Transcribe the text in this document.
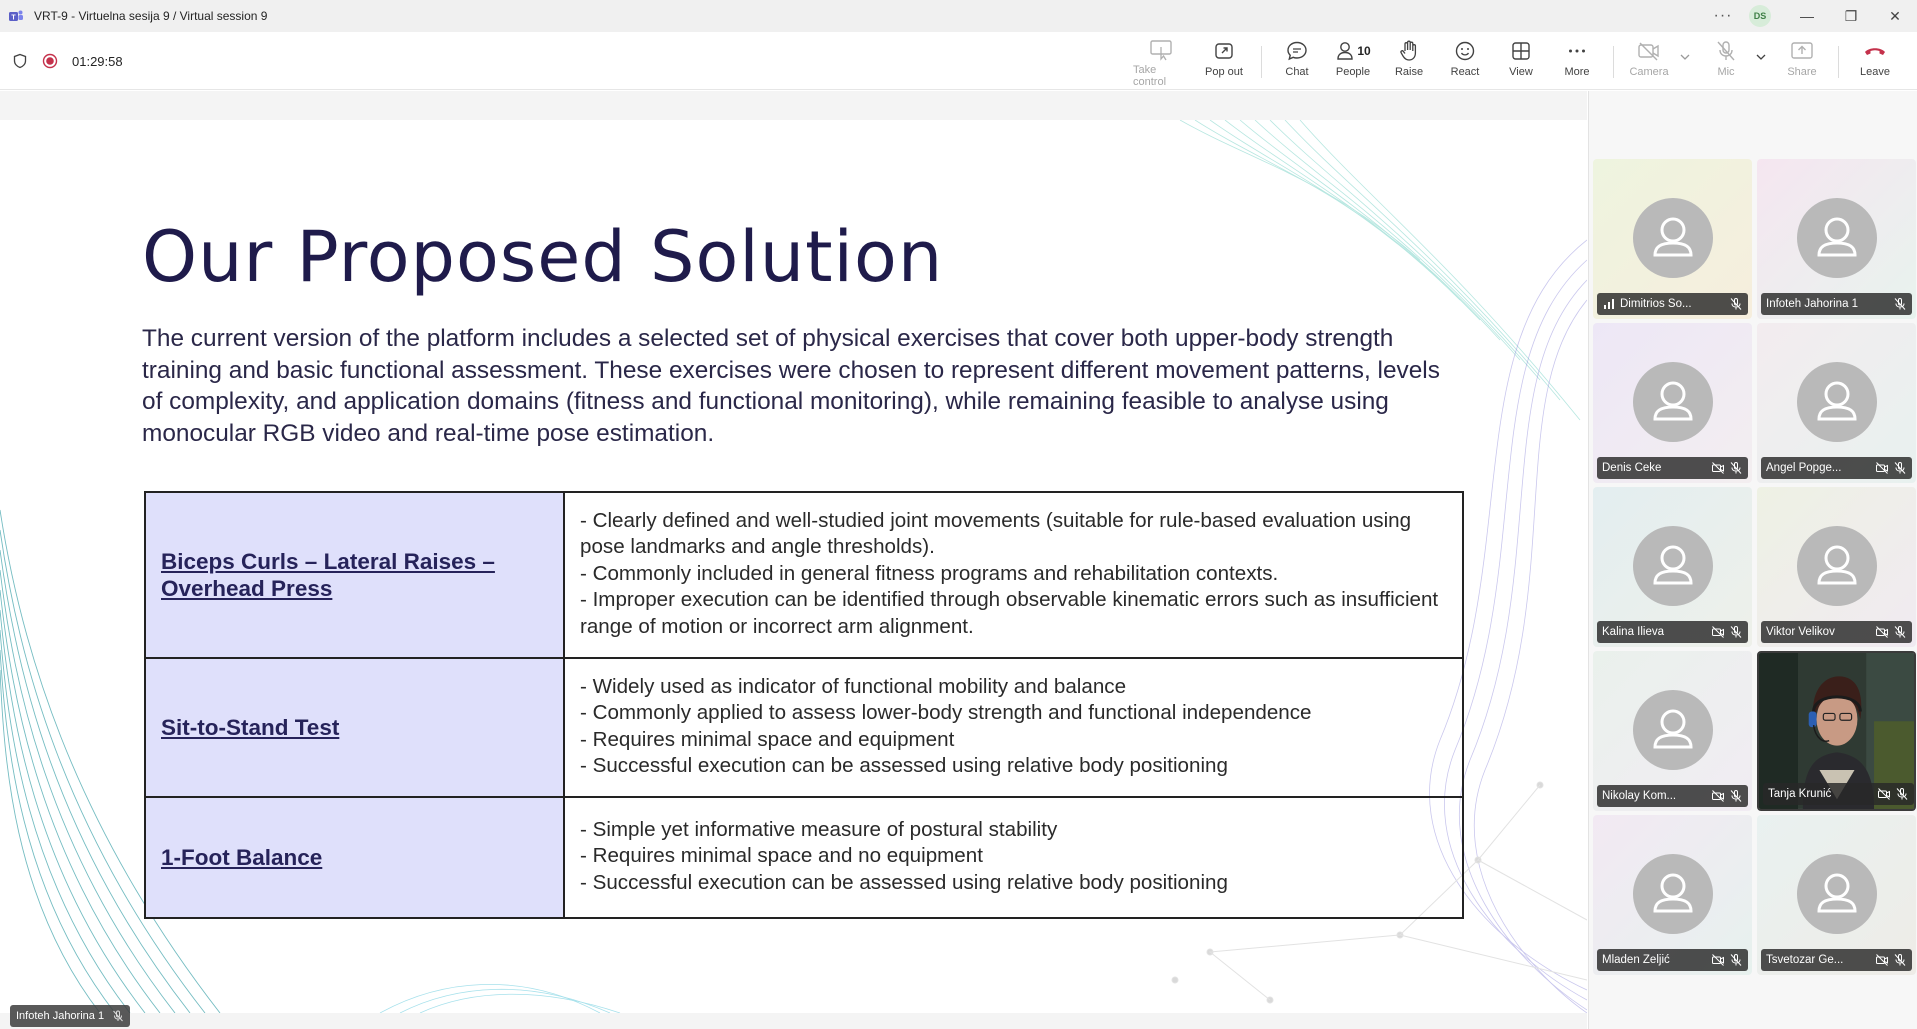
T VRT-9 - Virtuelna sesija 9 / Virtual session 9	···	DS	—	❐	✕
01:29:58
Take control
Pop out	Chat
10
People Raise	React	View	More	Camera	Mic	Share	Leave
Our Proposed Solution
The current version of the platform includes a selected set of physical exercises that cover both upper-body strength training and basic functional assessment. These exercises were chosen to represent different movement patterns, levels of complexity, and application domains (fitness and functional monitoring), while remaining feasible to analyse using monocular RGB video and real-time pose estimation.
Biceps Curls – Lateral Raises – Overhead Press	- Clearly defined and well-studied joint movements (suitable for rule-based evaluation using pose landmarks and angle thresholds).
- Commonly included in general fitness programs and rehabilitation contexts.
- Improper execution can be identified through observable kinematic errors such as insufficient range of motion or incorrect arm alignment.

Sit-to-Stand Test	- Widely used as indicator of functional mobility and balance
- Commonly applied to assess lower-body strength and functional independence
- Requires minimal space and equipment
- Successful execution can be assessed using relative body positioning

1-Foot Balance	- Simple yet informative measure of postural stability
- Requires minimal space and no equipment
- Successful execution can be assessed using relative body positioning
Infoteh Jahorina 1
Dimitrios So...	Infoteh Jahorina 1
Denis Čeke	Angel Popge...
Kalina Ilieva	Viktor Velikov
Nikolay Kom...	Tanja Krunić
Mladen Zeljić	Tsvetozar Ge...
